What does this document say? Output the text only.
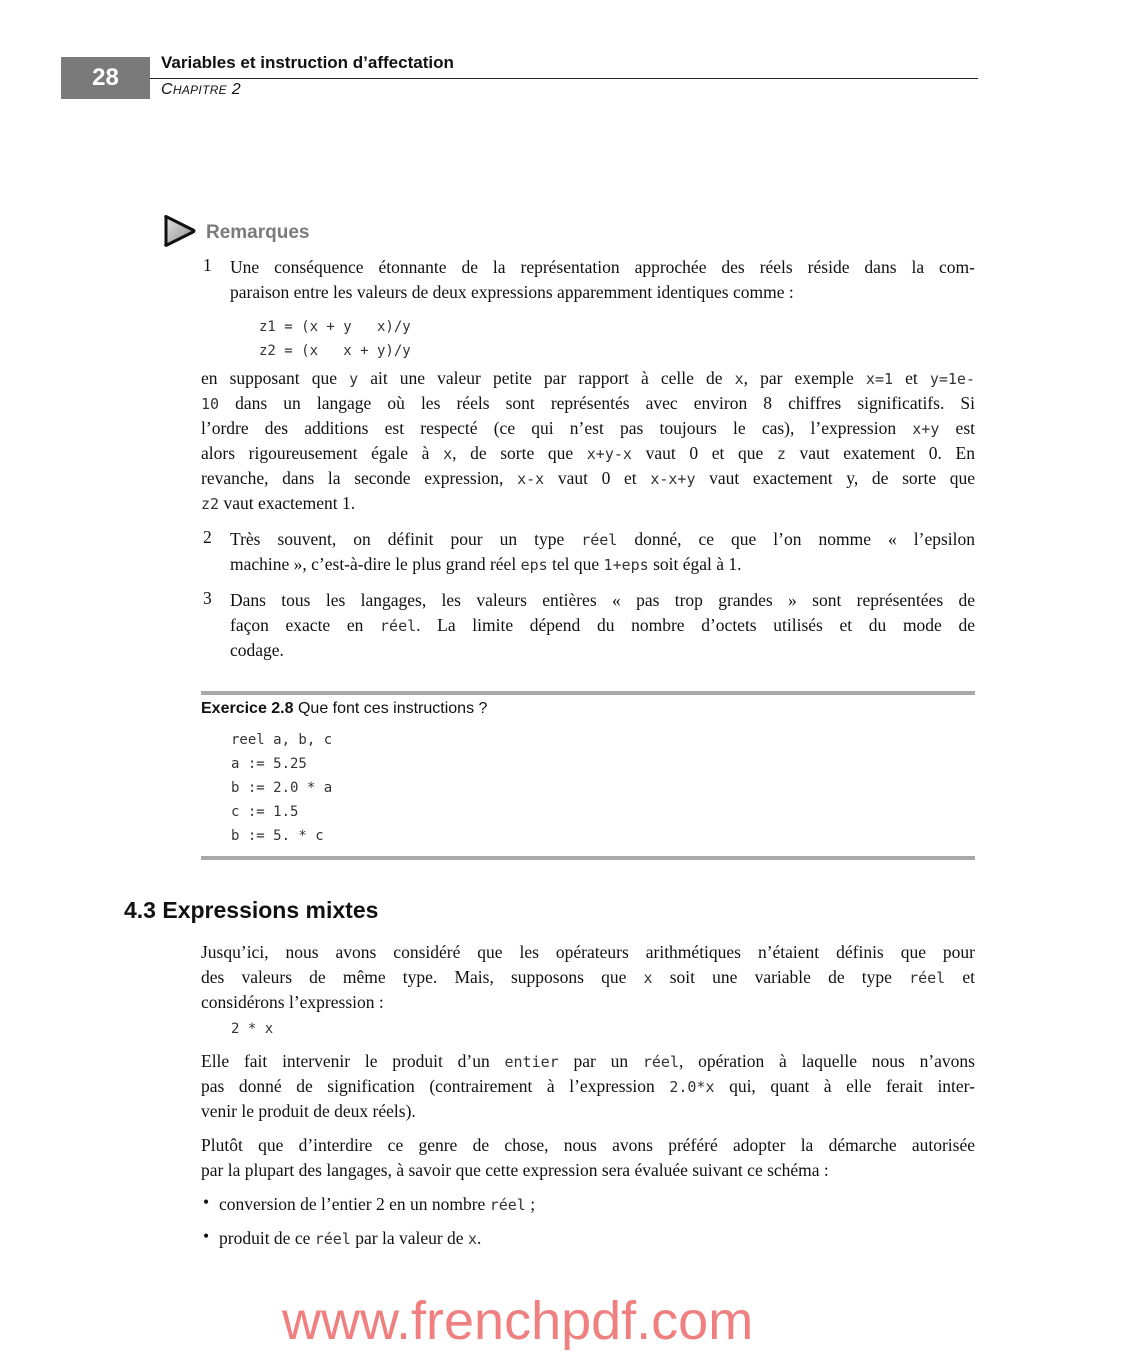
28
Variables et instruction d’affectation
CHAPITRE 2
Remarques
1 Une conséquence étonnante de la représentation approchée des réels réside dans la com-
paraison entre les valeurs de deux expressions apparemment identiques comme :
z1 = (x + y   x)/y
z2 = (x   x + y)/y
en supposant que y ait une valeur petite par rapport à celle de x, par exemple x=1 et y=1e-
10 dans un langage où les réels sont représentés avec environ 8 chiffres significatifs. Si
l’ordre des additions est respecté (ce qui n’est pas toujours le cas), l’expression x+y est
alors rigoureusement égale à x, de sorte que x+y-x vaut 0 et que z vaut exatement 0. En
revanche, dans la seconde expression, x-x vaut 0 et x-x+y vaut exactement y, de sorte que
z2 vaut exactement 1.
2 Très souvent, on définit pour un type réel donné, ce que l’on nomme « l’epsilon
machine », c’est-à-dire le plus grand réel eps tel que 1+eps soit égal à 1.
3 Dans tous les langages, les valeurs entières « pas trop grandes » sont représentées de
façon exacte en réel. La limite dépend du nombre d’octets utilisés et du mode de
codage.
Exercice 2.8 Que font ces instructions ?
reel a, b, c
a := 5.25
b := 2.0 * a
c := 1.5
b := 5. * c
4.3 Expressions mixtes
Jusqu’ici, nous avons considéré que les opérateurs arithmétiques n’étaient définis que pour
des valeurs de même type. Mais, supposons que x soit une variable de type réel et
considérons l’expression :
2 * x
Elle fait intervenir le produit d’un entier par un réel, opération à laquelle nous n’avons
pas donné de signification (contrairement à l’expression 2.0*x qui, quant à elle ferait inter-
venir le produit de deux réels).
Plutôt que d’interdire ce genre de chose, nous avons préféré adopter la démarche autorisée
par la plupart des langages, à savoir que cette expression sera évaluée suivant ce schéma :
• conversion de l’entier 2 en un nombre réel ;
• produit de ce réel par la valeur de x.
www.frenchpdf.com
